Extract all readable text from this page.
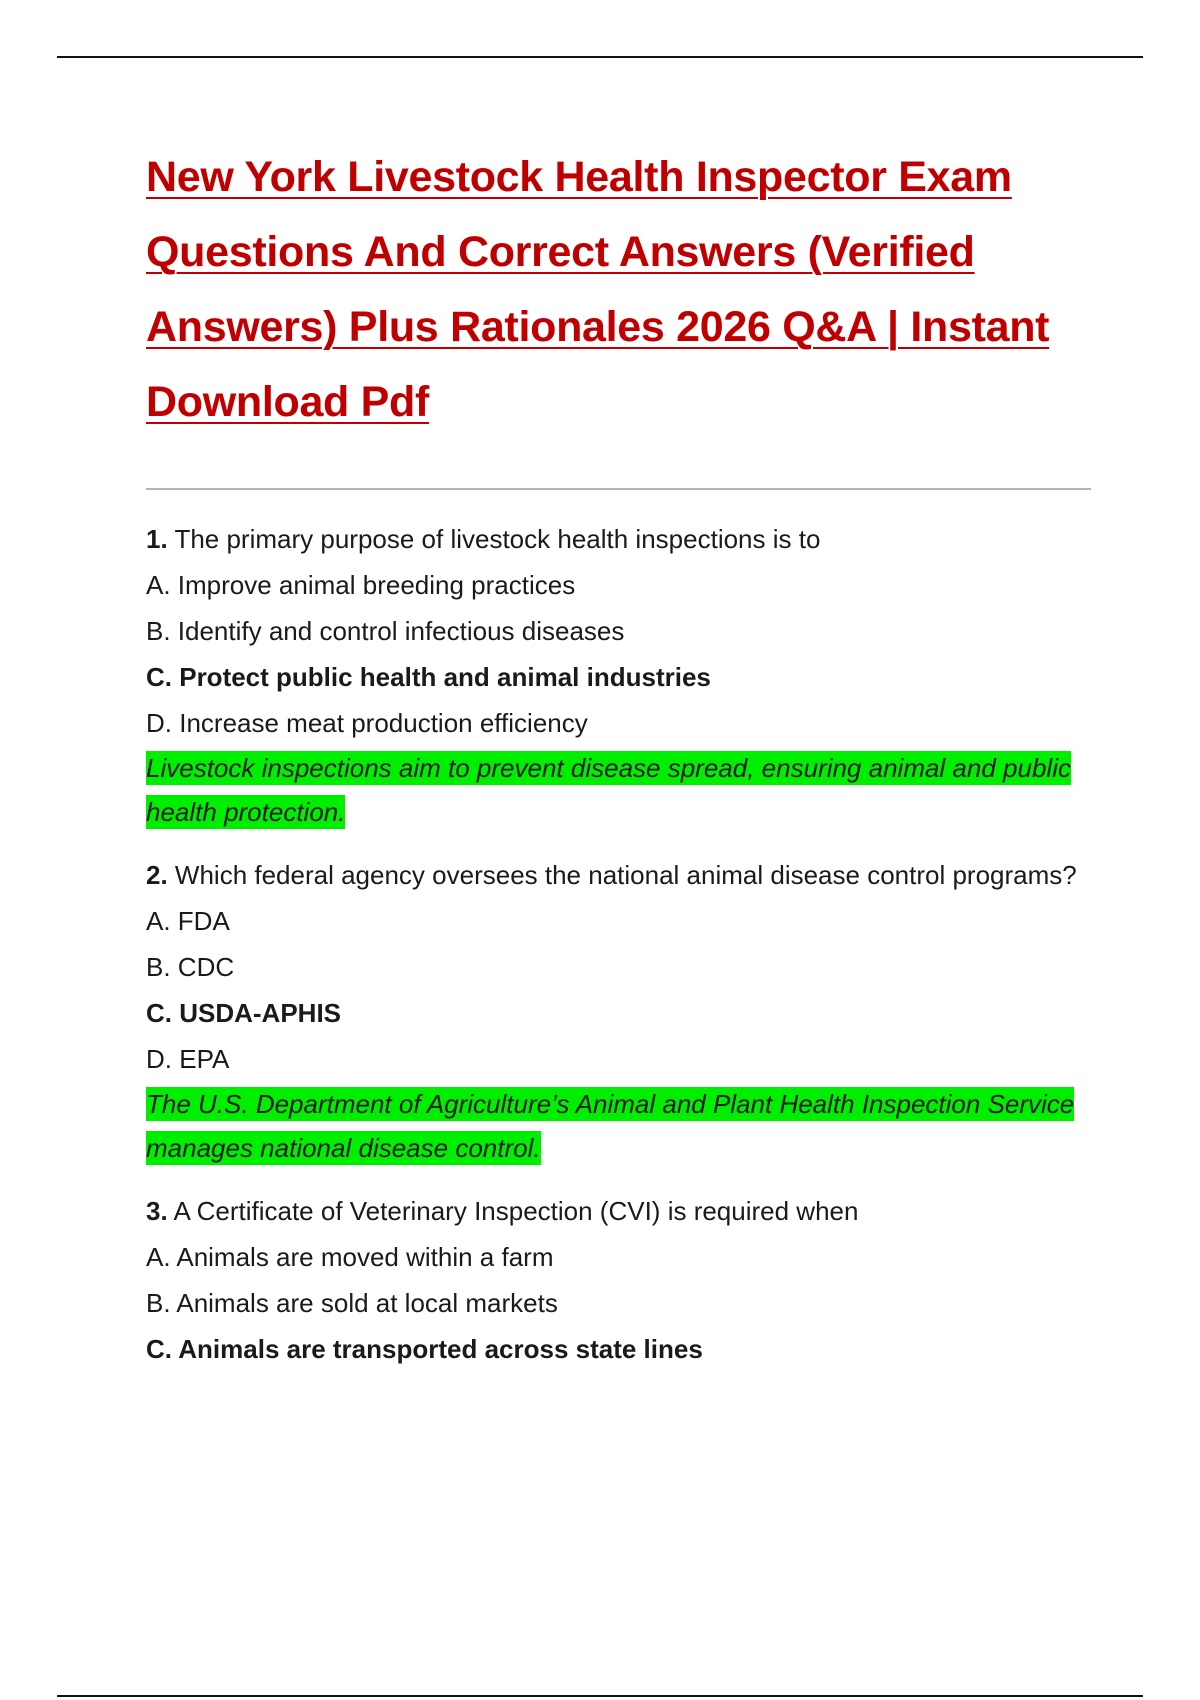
New York Livestock Health Inspector Exam Questions And Correct Answers (Verified Answers) Plus Rationales 2026 Q&A | Instant Download Pdf

1. The primary purpose of livestock health inspections is to

A. Improve animal breeding practices

B. Identify and control infectious diseases

C. Protect public health and animal industries

D. Increase meat production efficiency

Livestock inspections aim to prevent disease spread, ensuring animal and public health protection.

2. Which federal agency oversees the national animal disease control programs?

A. FDA

B. CDC

C. USDA-APHIS

D. EPA

The U.S. Department of Agriculture’s Animal and Plant Health Inspection Service manages national disease control.

3. A Certificate of Veterinary Inspection (CVI) is required when

A. Animals are moved within a farm

B. Animals are sold at local markets

C. Animals are transported across state lines
